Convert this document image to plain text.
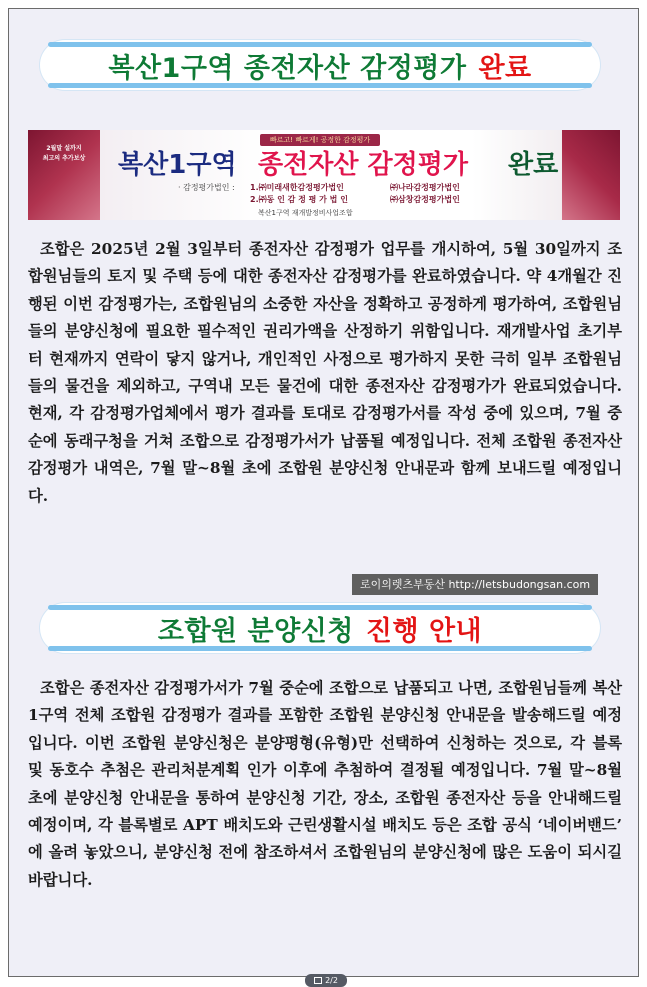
복산1구역 종전자산 감정평가 완료
2월말 설까지
최고의 추가보상
빠르고! 빠르게! 공정한 감정평가
복산1구역 종전자산 감정평가 완료
· 감정평가법인 : 1.㈜미래새한감정평가법인	㈜나라감정평가법인
2.㈜동 인 감 정 평 가 법 인	㈜삼창감정평가법인
복산1구역 재개발정비사업조합

조합은 2025년 2월 3일부터 종전자산 감정평가 업무를 개시하여, 5월 30일까지 조합원님들의 토지 및 주택 등에 대한 종전자산 감정평가를 완료하였습니다. 약 4개월간 진행된 이번 감정평가는, 조합원님의 소중한 자산을 정확하고 공정하게 평가하여, 조합원님들의 분양신청에 필요한 필수적인 권리가액을 산정하기 위함입니다. 재개발사업 초기부터 현재까지 연락이 닿지 않거나, 개인적인 사정으로 평가하지 못한 극히 일부 조합원님들의 물건을 제외하고, 구역내 모든 물건에 대한 종전자산 감정평가가 완료되었습니다. 현재, 각 감정평가업체에서 평가 결과를 토대로 감정평가서를 작성 중에 있으며, 7월 중순에 동래구청을 거쳐 조합으로 감정평가서가 납품될 예정입니다. 전체 조합원 종전자산 감정평가 내역은, 7월 말~8월 초에 조합원 분양신청 안내문과 함께 보내드릴 예정입니다.

로이의렛츠부동산 http://letsbudongsan.com
조합원 분양신청 진행 안내

조합은 종전자산 감정평가서가 7월 중순에 조합으로 납품되고 나면, 조합원님들께 복산1구역 전체 조합원 감정평가 결과를 포함한 조합원 분양신청 안내문을 발송해드릴 예정입니다. 이번 조합원 분양신청은 분양평형(유형)만 선택하여 신청하는 것으로, 각 블록 및 동호수 추첨은 관리처분계획 인가 이후에 추첨하여 결정될 예정입니다. 7월 말~8월 초에 분양신청 안내문을 통하여 분양신청 기간, 장소, 조합원 종전자산 등을 안내해드릴 예정이며, 각 블록별로 APT 배치도와 근린생활시설 배치도 등은 조합 공식 ‘네이버밴드’ 에 올려 놓았으니, 분양신청 전에 참조하셔서 조합원님의 분양신청에 많은 도움이 되시길 바랍니다.

2/2
